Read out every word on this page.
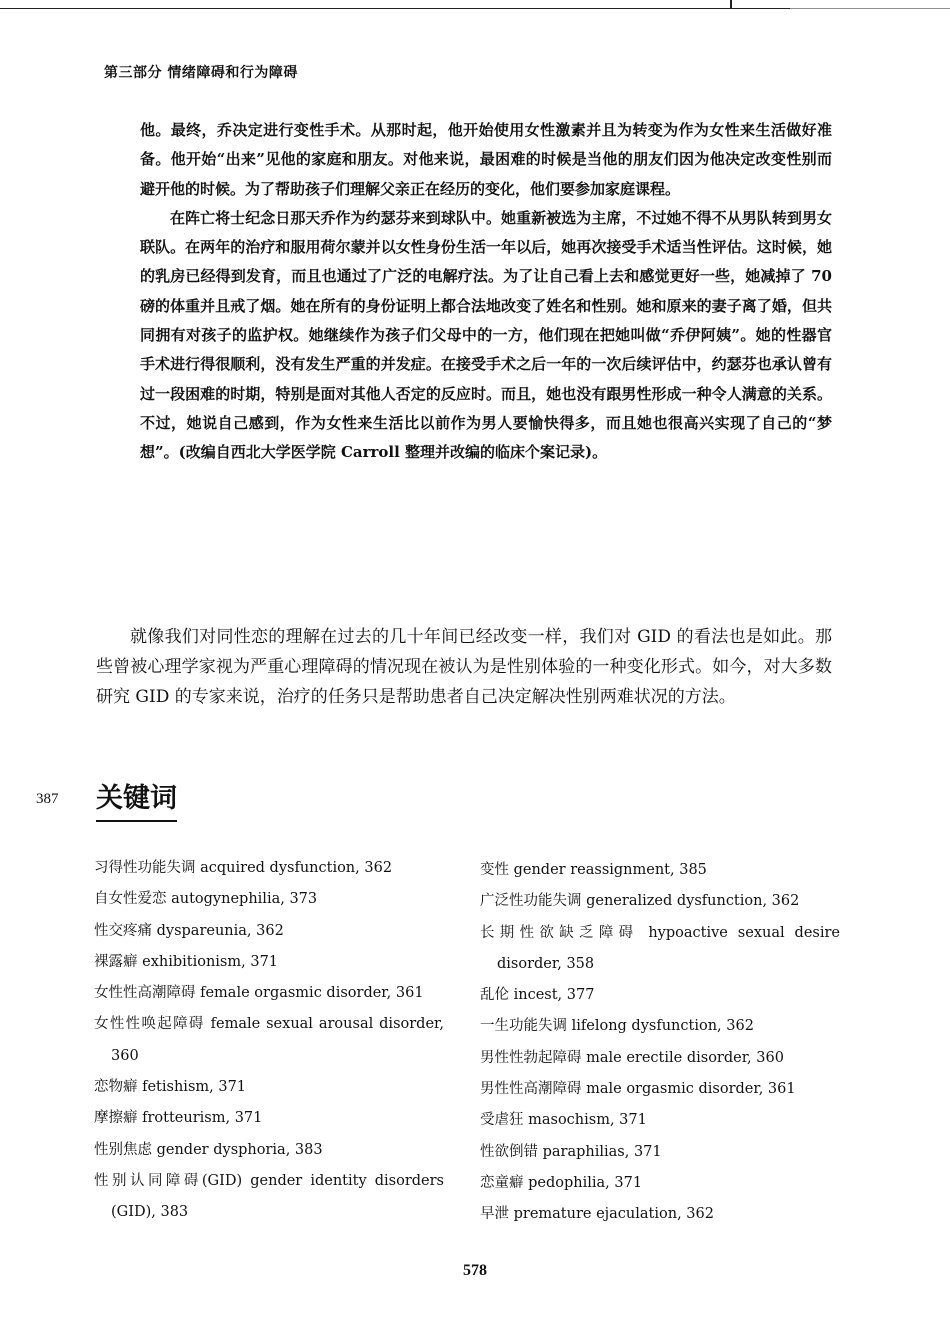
第三部分 情绪障碍和行为障碍

他。最终，乔决定进行变性手术。从那时起，他开始使用女性激素并且为转变为作为女性来生活做好准备。他开始“出来”见他的家庭和朋友。对他来说，最困难的时候是当他的朋友们因为他决定改变性别而避开他的时候。为了帮助孩子们理解父亲正在经历的变化，他们要参加家庭课程。

在阵亡将士纪念日那天乔作为约瑟芬来到球队中。她重新被选为主席，不过她不得不从男队转到男女联队。在两年的治疗和服用荷尔蒙并以女性身份生活一年以后，她再次接受手术适当性评估。这时候，她的乳房已经得到发育，而且也通过了广泛的电解疗法。为了让自己看上去和感觉更好一些，她减掉了 70 磅的体重并且戒了烟。她在所有的身份证明上都合法地改变了姓名和性别。她和原来的妻子离了婚，但共同拥有对孩子的监护权。她继续作为孩子们父母中的一方，他们现在把她叫做“乔伊阿姨”。她的性器官手术进行得很顺利，没有发生严重的并发症。在接受手术之后一年的一次后续评估中，约瑟芬也承认曾有过一段困难的时期，特别是面对其他人否定的反应时。而且，她也没有跟男性形成一种令人满意的关系。不过，她说自己感到，作为女性来生活比以前作为男人要愉快得多，而且她也很高兴实现了自己的“梦想”。(改编自西北大学医学院 Carroll 整理并改编的临床个案记录)。

就像我们对同性恋的理解在过去的几十年间已经改变一样，我们对 GID 的看法也是如此。那些曾被心理学家视为严重心理障碍的情况现在被认为是性别体验的一种变化形式。如今，对大多数研究 GID 的专家来说，治疗的任务只是帮助患者自己决定解决性别两难状况的方法。

387 关键词
习得性功能失调 acquired dysfunction, 362
自女性爱恋 autogynephilia, 373
性交疼痛 dyspareunia, 362
裸露癖 exhibitionism, 371
女性性高潮障碍 female orgasmic disorder, 361
女性性唤起障碍 female sexual arousal disorder, 360
恋物癖 fetishism, 371
摩擦癖 frotteurism, 371
性别焦虑 gender dysphoria, 383
性别认同障碍(GID) gender identity disorders (GID), 383
变性 gender reassignment, 385
广泛性功能失调 generalized dysfunction, 362
长期性欲缺乏障碍 hypoactive sexual desire disorder, 358
乱伦 incest, 377
一生功能失调 lifelong dysfunction, 362
男性性勃起障碍 male erectile disorder, 360
男性性高潮障碍 male orgasmic disorder, 361
受虐狂 masochism, 371
性欲倒错 paraphilias, 371
恋童癖 pedophilia, 371
早泄 premature ejaculation, 362
578
